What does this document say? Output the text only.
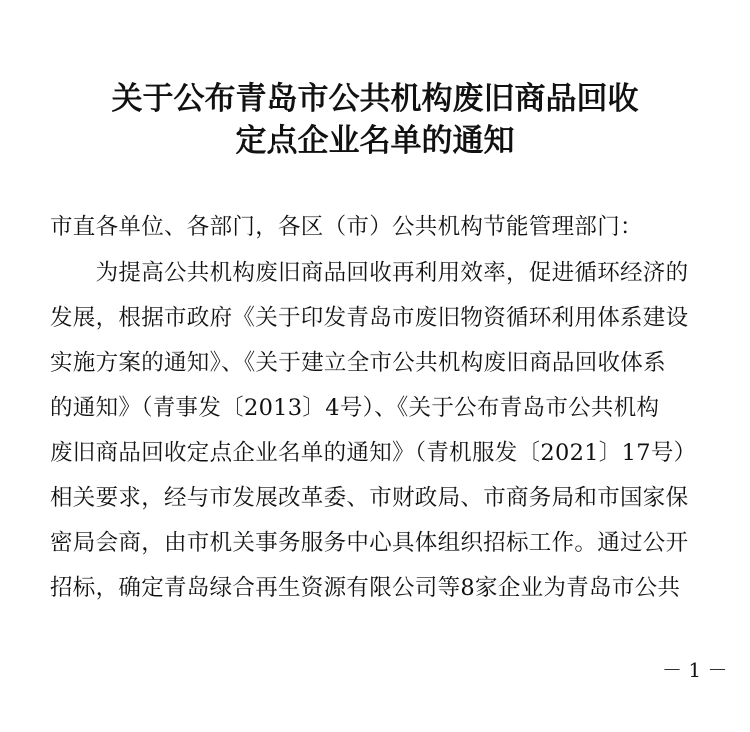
关于公布青岛市公共机构废旧商品回收
定点企业名单的通知
市直各单位、各部门，各区（市）公共机构节能管理部门：
　　为提高公共机构废旧商品回收再利用效率，促进循环经济的
发展，根据市政府《关于印发青岛市废旧物资循环利用体系建设
实施方案的通知》、《关于建立全市公共机构废旧商品回收体系
的通知》（青事发〔2013〕4号）、《关于公布青岛市公共机构
废旧商品回收定点企业名单的通知》（青机服发〔2021〕17号）
相关要求，经与市发展改革委、市财政局、市商务局和市国家保
密局会商，由市机关事务服务中心具体组织招标工作。通过公开
招标，确定青岛绿合再生资源有限公司等8家企业为青岛市公共
－ 1 －
